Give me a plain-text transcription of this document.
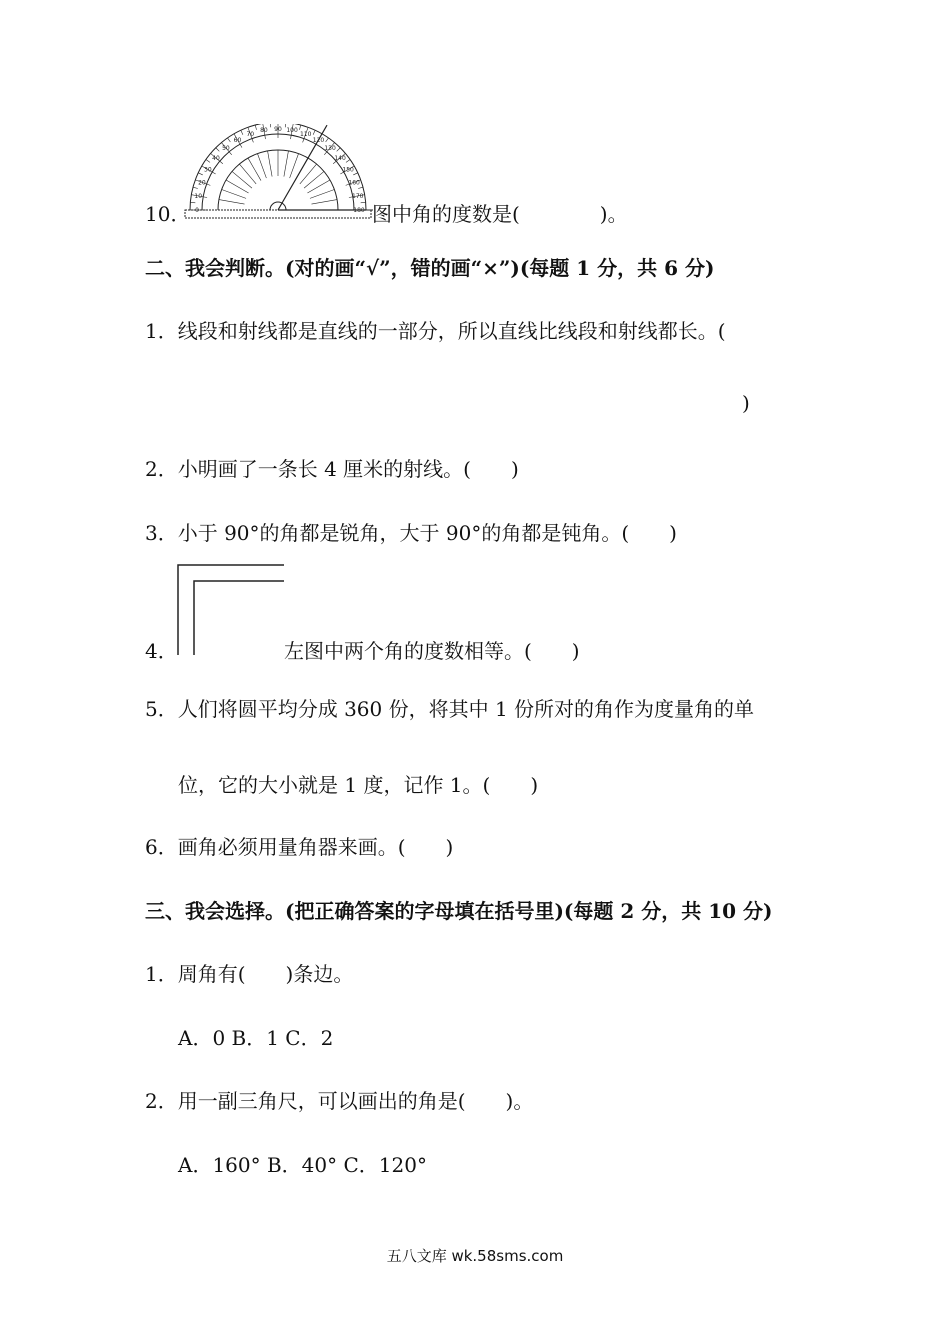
10． 0
10
20
30
40
50
60
70
80 90 100
110
120
130
140
150
160
170
180 图中角的度数是(　　　　)。
二、我会判断。(对的画“√”，错的画“×”)(每题 1 分，共 6 分)
1．线段和射线都是直线的一部分，所以直线比线段和射线都长。(
)
2．小明画了一条长 4 厘米的射线。(　　)
3．小于 90°的角都是锐角，大于 90°的角都是钝角。(　　)
4．	左图中两个角的度数相等。(　　)
5．人们将圆平均分成 360 份，将其中 1 份所对的角作为度量角的单
位，它的大小就是 1 度，记作 1。(　　)
6．画角必须用量角器来画。(　　)
三、我会选择。(把正确答案的字母填在括号里)(每题 2 分，共 10 分)
1．周角有(　　)条边。
A．0 B．1 C．2
2．用一副三角尺，可以画出的角是(　　)。
A．160° B．40° C．120°
五八文库 wk.58sms.com
